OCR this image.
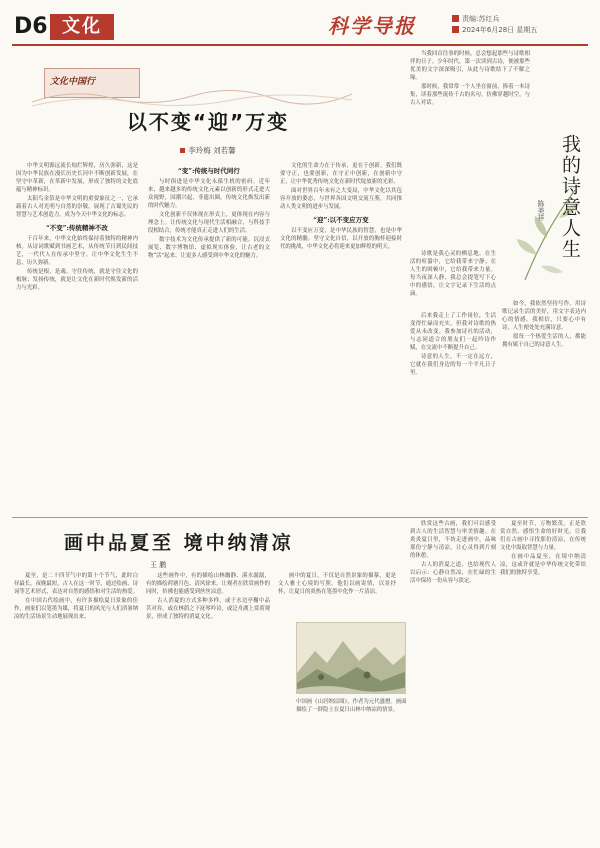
D6 文化	科学导报	责编:苏红兵
2024年6月28日 星期五
文化中国行
以不变“迎”万变
李玲梅 刘若馨

中华文明源远流长灿烂辉煌，历久弥新，这是因为中华民族在漫长历史长河中不断创新发展，在坚守中革新，在革新中发展，形成了独特的文化底蕴与精神标识。

太阳鸟金箔是中华文明的重要象征之一，它承载着古人对光明与自然的崇敬，展现了古蜀先民的智慧与艺术创造力，成为今天中华文化的标志。

“不变”:传统精神不改

千百年来，中华文化始终保持着独特的精神内核。从诗词歌赋到书画艺术，从传统节日到民间技艺，一代代人在传承中坚守，让中华文化生生不息，历久弥新。

传统是根，是魂。守住传统，就是守住文化的根脉；发扬传统，就是让文化在新时代焕发新的活力与光彩。

“变”:传统与时代同行

与时俱进是中华文化永葆生机的密码。近年来，越来越多的传统文化元素以创新的形式走进大众视野，国潮兴起、非遗出圈，传统文化焕发出新的时代魅力。

文化创新不仅体现在形式上，更体现在内容与理念上。让传统文化与现代生活相融合，与科技手段相结合，传统才能真正走进人们的生活。

数字技术为文化传承提供了新的可能。沉浸式展览、数字博物馆、虚拟现实体验，让古老的文物“活”起来，让更多人感受到中华文化的魅力。

文化的生命力在于传承，更在于创新。我们既要守正，也要创新，在守正中创新，在创新中守正，让中华优秀传统文化在新时代绽放新的光彩。

面对世界百年未有之大变局，中华文化以其包容开放的姿态，与世界各国文明交流互鉴，共同推动人类文明的进步与发展。

“迎”:以不变应万变

以不变应万变，是中华民族的智慧，也是中华文化的精髓。坚守文化自信，以开放的胸怀迎接时代的挑战，中华文化必将迎来更加辉煌的明天。

当我回首往事的时候，总会想起那些与诗歌相伴的日子。少年时代，第一次读到古诗，便被那些优美的文字深深吸引，从此与诗歌结下了不解之缘。

那时候，我常常一个人坐在窗前，捧着一本诗集，读着那些流传千古的名句，仿佛穿越时空，与古人对话。

我的诗意人生
陈美祥

诗歌是我心灵的栖息地。在生活的喧嚣中，它给我带来宁静；在人生的困顿中，它给我带来力量。每当夜深人静，我总会提笔写下心中的感悟，让文字记录下生活的点滴。

后来我走上了工作岗位，生活变得忙碌而充实，但我对诗歌的热爱从未改变。我参加诗社的活动，与志同道合的朋友们一起吟诗作赋，在交流中不断提升自己。

诗意的人生，不一定在远方，它就在我们身边的每一个平凡日子里。

如今，我依然坚持写作，用诗歌记录生活的美好，用文字表达内心的情感。我相信，只要心中有诗，人生便处处充满诗意。

愿每一个热爱生活的人，都能拥有属于自己的诗意人生。

画中品夏至 境中纳清凉
王 鹏

夏至，是二十四节气中的第十个节气，此时白昼最长，夜晚最短。古人在这一时节，通过绘画、诗词等艺术形式，表达对自然的感悟和对生活的热爱。

在中国古代绘画中，有许多描绘夏日景象的佳作，画家们以笔墨为媒，将夏日的风光与人们消暑纳凉的生活场景生动地展现出来。

这些画作中，有的描绘山林幽静、溪水潺潺，有的描绘荷塘月色、清风徐来，让观者在欣赏画作的同时，仿佛也能感受到丝丝凉意。

古人消夏的方式多种多样，或于水边亭榭中品茗对弈，或在林荫之下抚琴吟诗，或泛舟湖上赏荷观景，形成了独特的消夏文化。

画中的夏日，不仅是自然景象的描摹，更是文人雅士心境的写照。他们以画寄情，以景抒怀，让夏日的炎热在笔墨中化作一片清凉。

中国画《山居纳凉图》，作者为元代盛懋。画面描绘了一群隐士在夏日山林中纳凉的情景。

欣赏这些古画，我们可以感受到古人的生活智慧与审美情趣。在炎炎夏日里，不妨走进画中，品味那份宁静与清凉，让心灵得到片刻的休憩。

古人的消夏之道，也给现代人以启示：心静自然凉，在忙碌的生活中保持一份从容与淡定。

夏至时节，万物繁茂，正是欣赏自然、感悟生命的好时光。让我们在古画中寻找那份清凉，在传统文化中汲取智慧与力量。

在画中品夏至，在境中纳清凉，这或许就是中华传统文化带给我们的独特享受。
